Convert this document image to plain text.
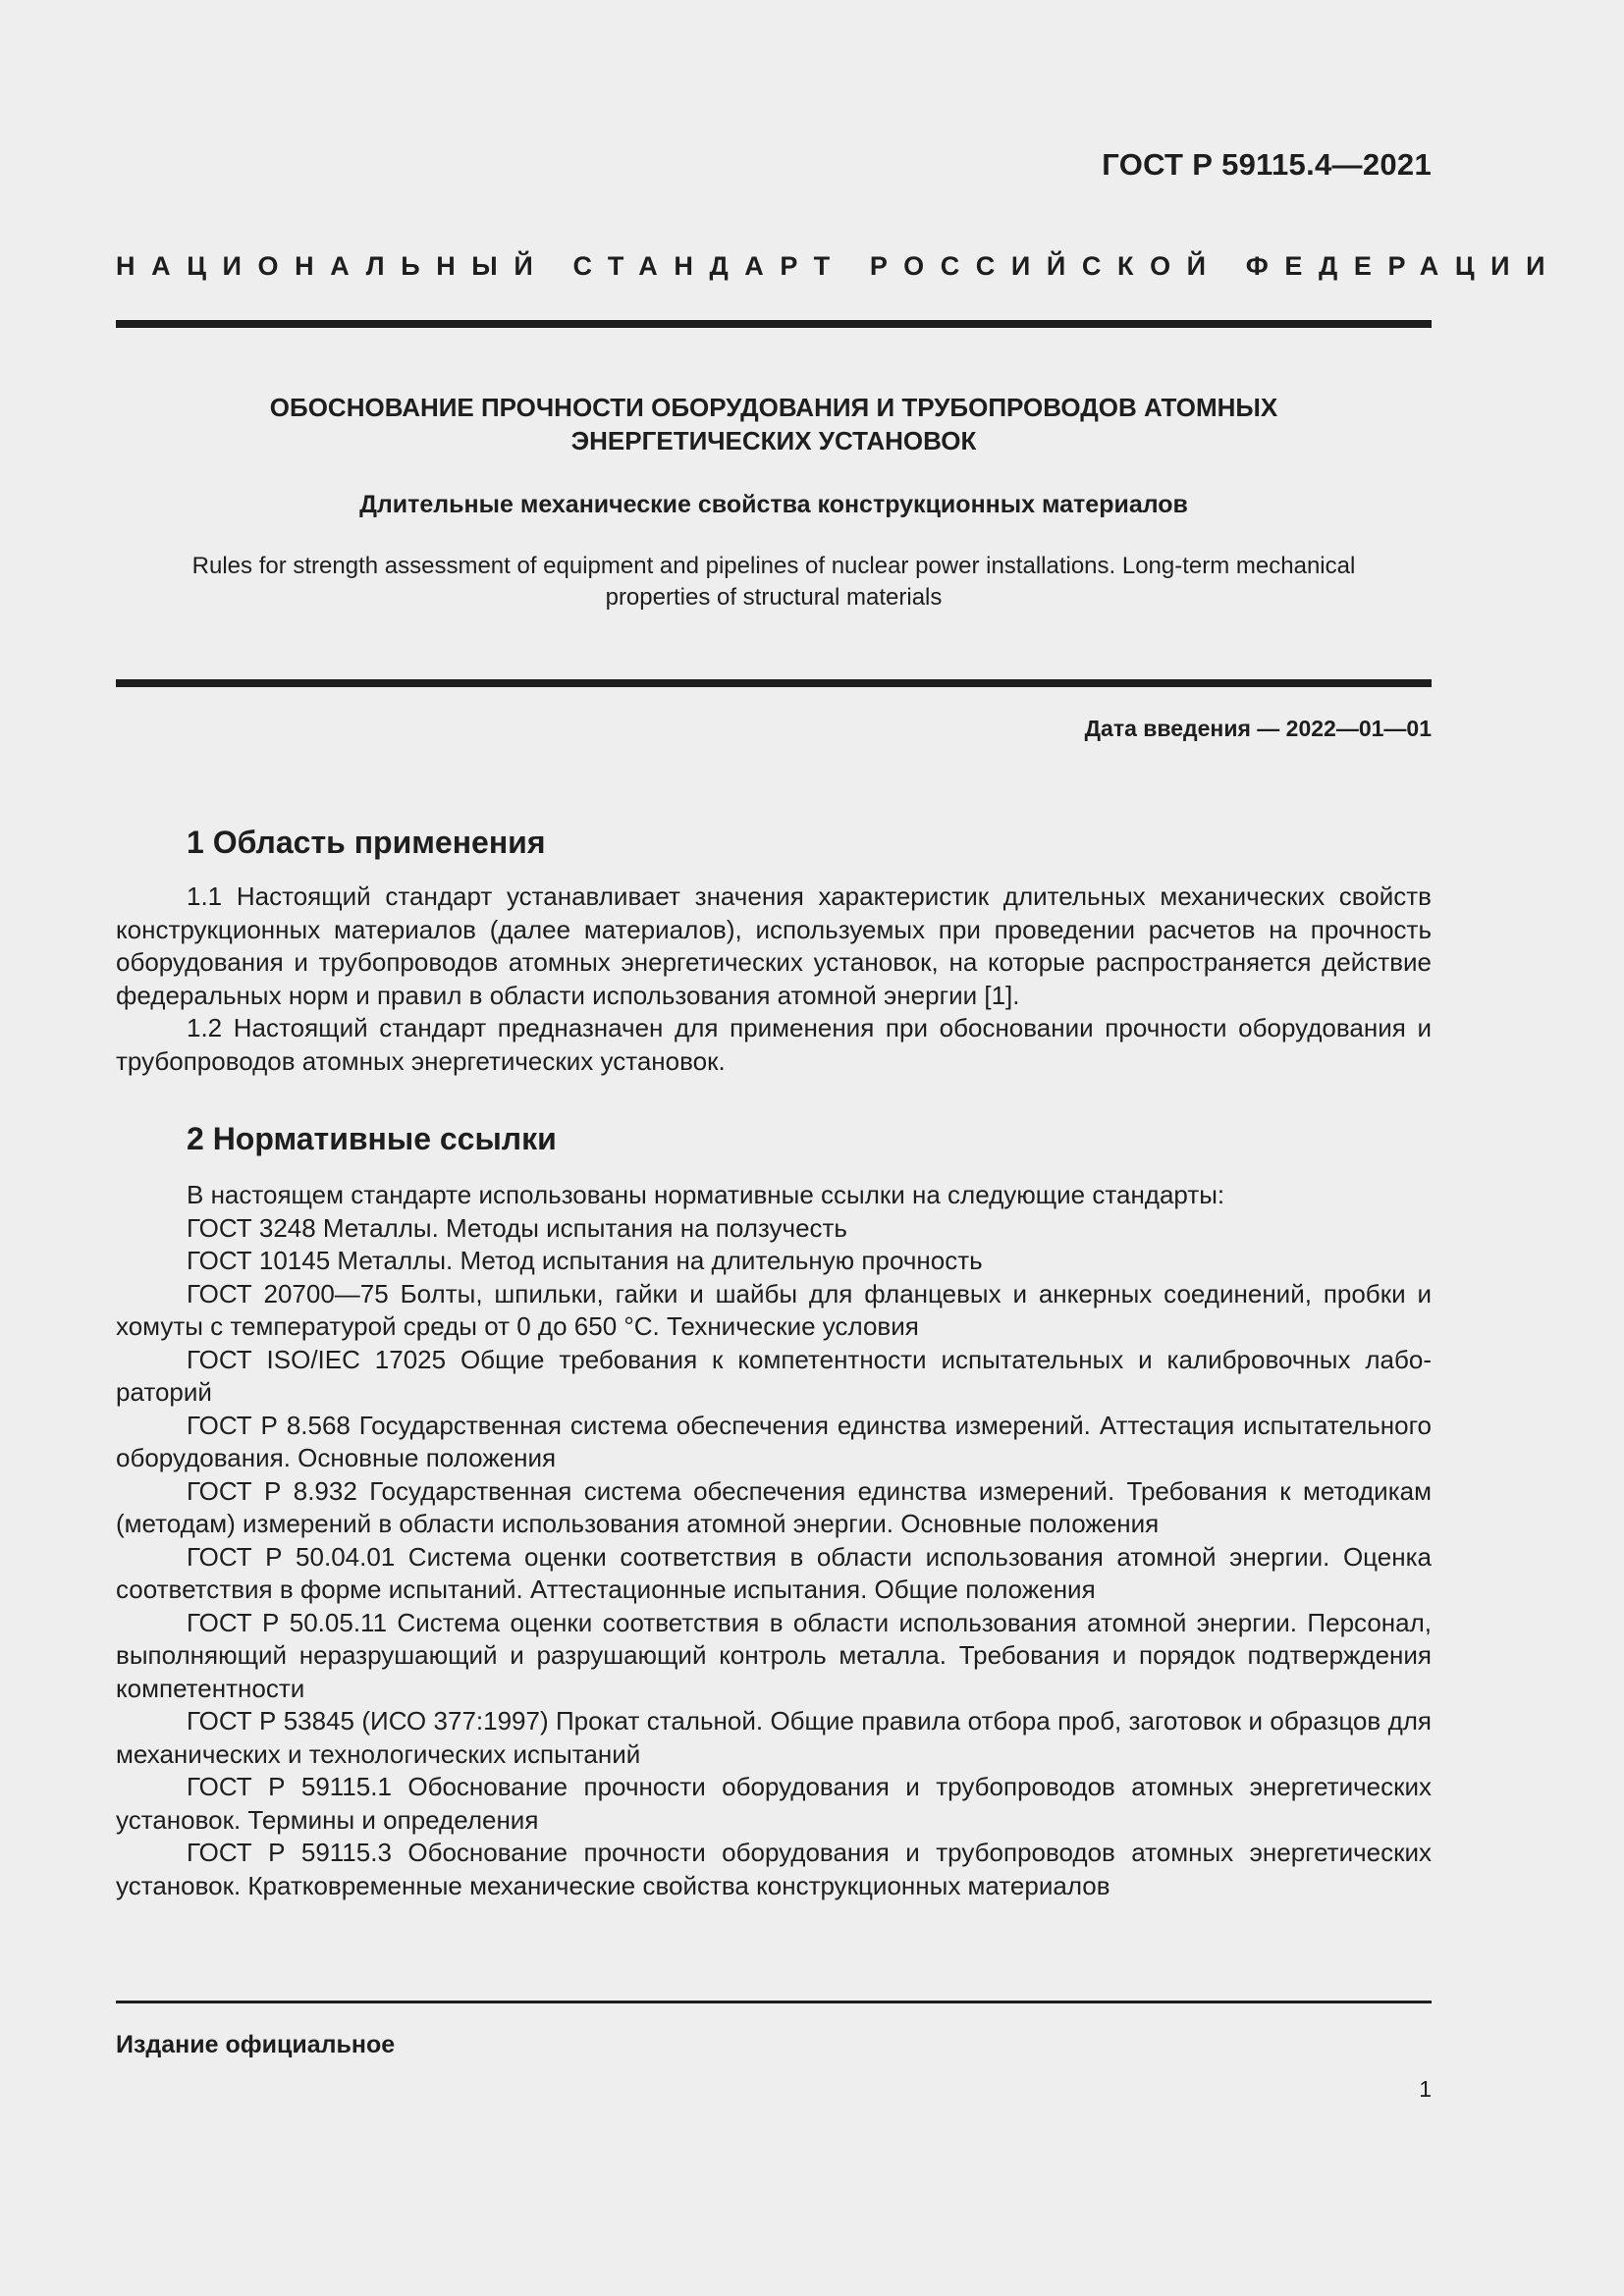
ГОСТ Р 59115.4—2021
НАЦИОНАЛЬНЫЙ СТАНДАРТ РОССИЙСКОЙ ФЕДЕРАЦИИ
ОБОСНОВАНИЕ ПРОЧНОСТИ ОБОРУДОВАНИЯ И ТРУБОПРОВОДОВ АТОМНЫХ
ЭНЕРГЕТИЧЕСКИХ УСТАНОВОК
Длительные механические свойства конструкционных материалов
Rules for strength assessment of equipment and pipelines of nuclear power installations. Long-term mechanical
properties of structural materials
Дата введения — 2022—01—01
1 Область применения

1.1 Настоящий стандарт устанавливает значения характеристик длительных механических свойств конструкционных материалов (далее материалов), используемых при проведении расчетов на прочность оборудования и трубопроводов атомных энергетических установок, на которые распространяется действие федеральных норм и правил в области использования атомной энергии [1].

1.2 Настоящий стандарт предназначен для применения при обосновании прочности оборудования и трубопроводов атомных энергетических установок.

2 Нормативные ссылки

В настоящем стандарте использованы нормативные ссылки на следующие стандарты:

ГОСТ 3248 Металлы. Методы испытания на ползучесть

ГОСТ 10145 Металлы. Метод испытания на длительную прочность

ГОСТ 20700—75 Болты, шпильки, гайки и шайбы для фланцевых и анкерных соединений, пробки и хомуты с температурой среды от 0 до 650 °С. Технические условия

ГОСТ ISO/IEC 17025 Общие требования к компетентности испытательных и калибровочных лабораторий

ГОСТ Р 8.568 Государственная система обеспечения единства измерений. Аттестация испытательного оборудования. Основные положения

ГОСТ Р 8.932 Государственная система обеспечения единства измерений. Требования к методикам (методам) измерений в области использования атомной энергии. Основные положения

ГОСТ Р 50.04.01 Система оценки соответствия в области использования атомной энергии. Оценка соответствия в форме испытаний. Аттестационные испытания. Общие положения

ГОСТ Р 50.05.11 Система оценки соответствия в области использования атомной энергии. Персонал, выполняющий неразрушающий и разрушающий контроль металла. Требования и порядок подтверждения компетентности

ГОСТ Р 53845 (ИСО 377:1997) Прокат стальной. Общие правила отбора проб, заготовок и образцов для механических и технологических испытаний

ГОСТ Р 59115.1 Обоснование прочности оборудования и трубопроводов атомных энергетических установок. Термины и определения

ГОСТ Р 59115.3 Обоснование прочности оборудования и трубопроводов атомных энергетических установок. Кратковременные механические свойства конструкционных материалов

Издание официальное
1
